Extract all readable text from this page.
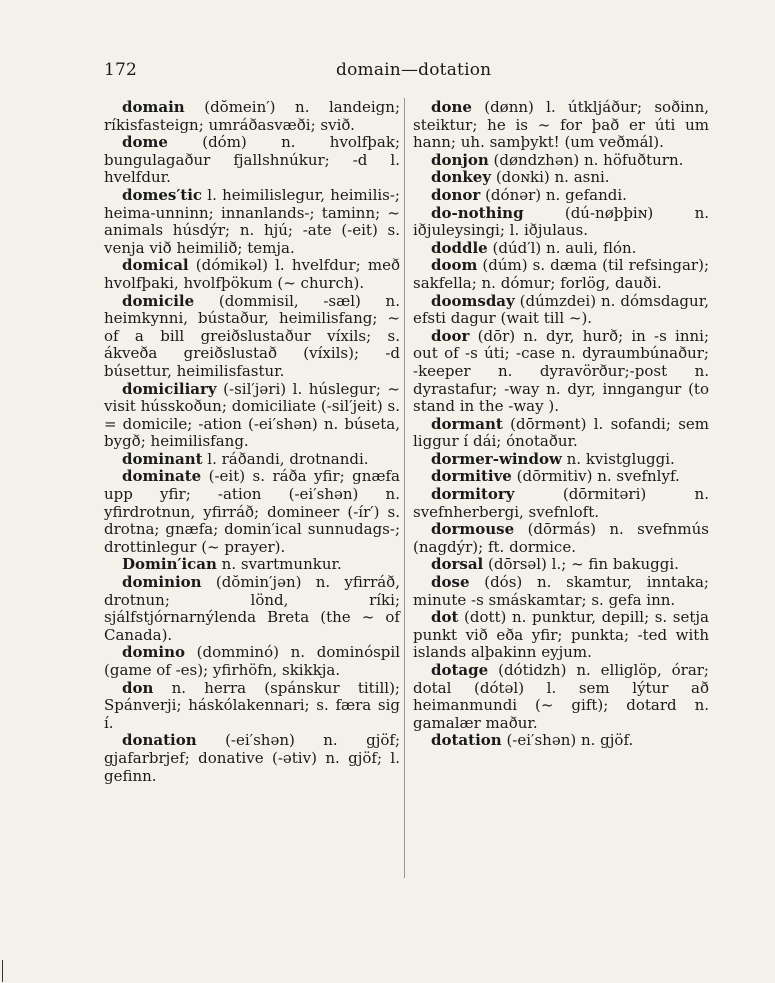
172	domain—dotation

domain (dŏmein′) n. landeign; ríkisfasteign; umráðasvæði; svið.

dome (dóm) n. hvolfþak; bungulagaður fjallshnúkur; -d l. hvelfdur.

domes′tic l. heimilislegur, heimilis-; heima-unninn; innanlands-; taminn; ~ animals húsdýr; n. hjú; -ate (-eit) s. venja við heimilið; temja.

domical (dómikəl) l. hvelfdur; með hvolfþaki, hvolfþökum (~ church).

domicile (dommisil, -sæl) n. heimkynni, bústaður, heimilisfang; ~ of a bill greiðslustaður víxils; s. ákveða greiðslustað (víxils); -d búsettur, heimilisfastur.

domiciliary (-sil′jəri) l. húslegur; ~ visit hússkoðun; domiciliate (-sil′jeit) s. = domicile; -ation (-ei′shən) n. búseta, bygð; heimilisfang.

dominant l. ráðandi, drotnandi.

dominate (-eit) s. ráða yfir; gnæfa upp yfir; -ation (-ei′shən) n. yfirdrotnun, yfirráð; domineer (-ír′) s. drotna; gnæfa; domin′ical sunnudags-; drottinlegur (~ prayer).

Domin′ican n. svartmunkur.

dominion (dŏmin′jən) n. yfirráð, drotnun; lönd, ríki; sjálfstjórnarnýlenda Breta (the ~ of Canada).

domino (domminó) n. dominóspil (game of -es); yfirhöfn, skikkja.

don n. herra (spánskur titill); Spánverji; háskólakennari; s. færa sig í.

donation (-ei′shən) n. gjöf; gjafarbrjef; donative (-ətiv) n. gjöf; l. gefinn.

done (dønn) l. útkljáður; soðinn, steiktur; he is ~ for það er úti um hann; uh. samþykt! (um veðmál).

donjon (døndzhən) n. höfuðturn.

donkey (doɴki) n. asni.

donor (dónər) n. gefandi.

do-nothing (dú-nøþþiɴ) n. iðjuleysingi; l. iðjulaus.

doddle (dúd′l) n. auli, flón.

doom (dúm) s. dæma (til refsingar); sakfella; n. dómur; forlög, dauði.

doomsday (dúmzdei) n. dómsdagur, efsti dagur (wait till ~).

door (dōr) n. dyr, hurð; in -s inni; out of -s úti; -case n. dyraumbúnaður; -keeper n. dyravörður;-post n. dyrastafur; -way n. dyr, inngangur (to stand in the -way ).

dormant (dōrmənt) l. sofandi; sem liggur í dái; ónotaður.

dormer-window n. kvistgluggi.

dormitive (dōrmitiv) n. svefnlyf.

dormitory (dōrmitəri) n. svefnherbergi, svefnloft.

dormouse (dōrmás) n. svefnmús (nagdýr); ft. dormice.

dorsal (dōrsəl) l.; ~ fin bakuggi.

dose (dós) n. skamtur, inntaka; minute -s smáskamtar; s. gefa inn.

dot (dott) n. punktur, depill; s. setja punkt við eða yfir; punkta; -ted with islands alþakinn eyjum.

dotage (dótidzh) n. elliglöp, órar; dotal (dótəl) l. sem lýtur að heimanmundi (~ gift); dotard n. gamalær maður.

dotation (-ei′shən) n. gjöf.
